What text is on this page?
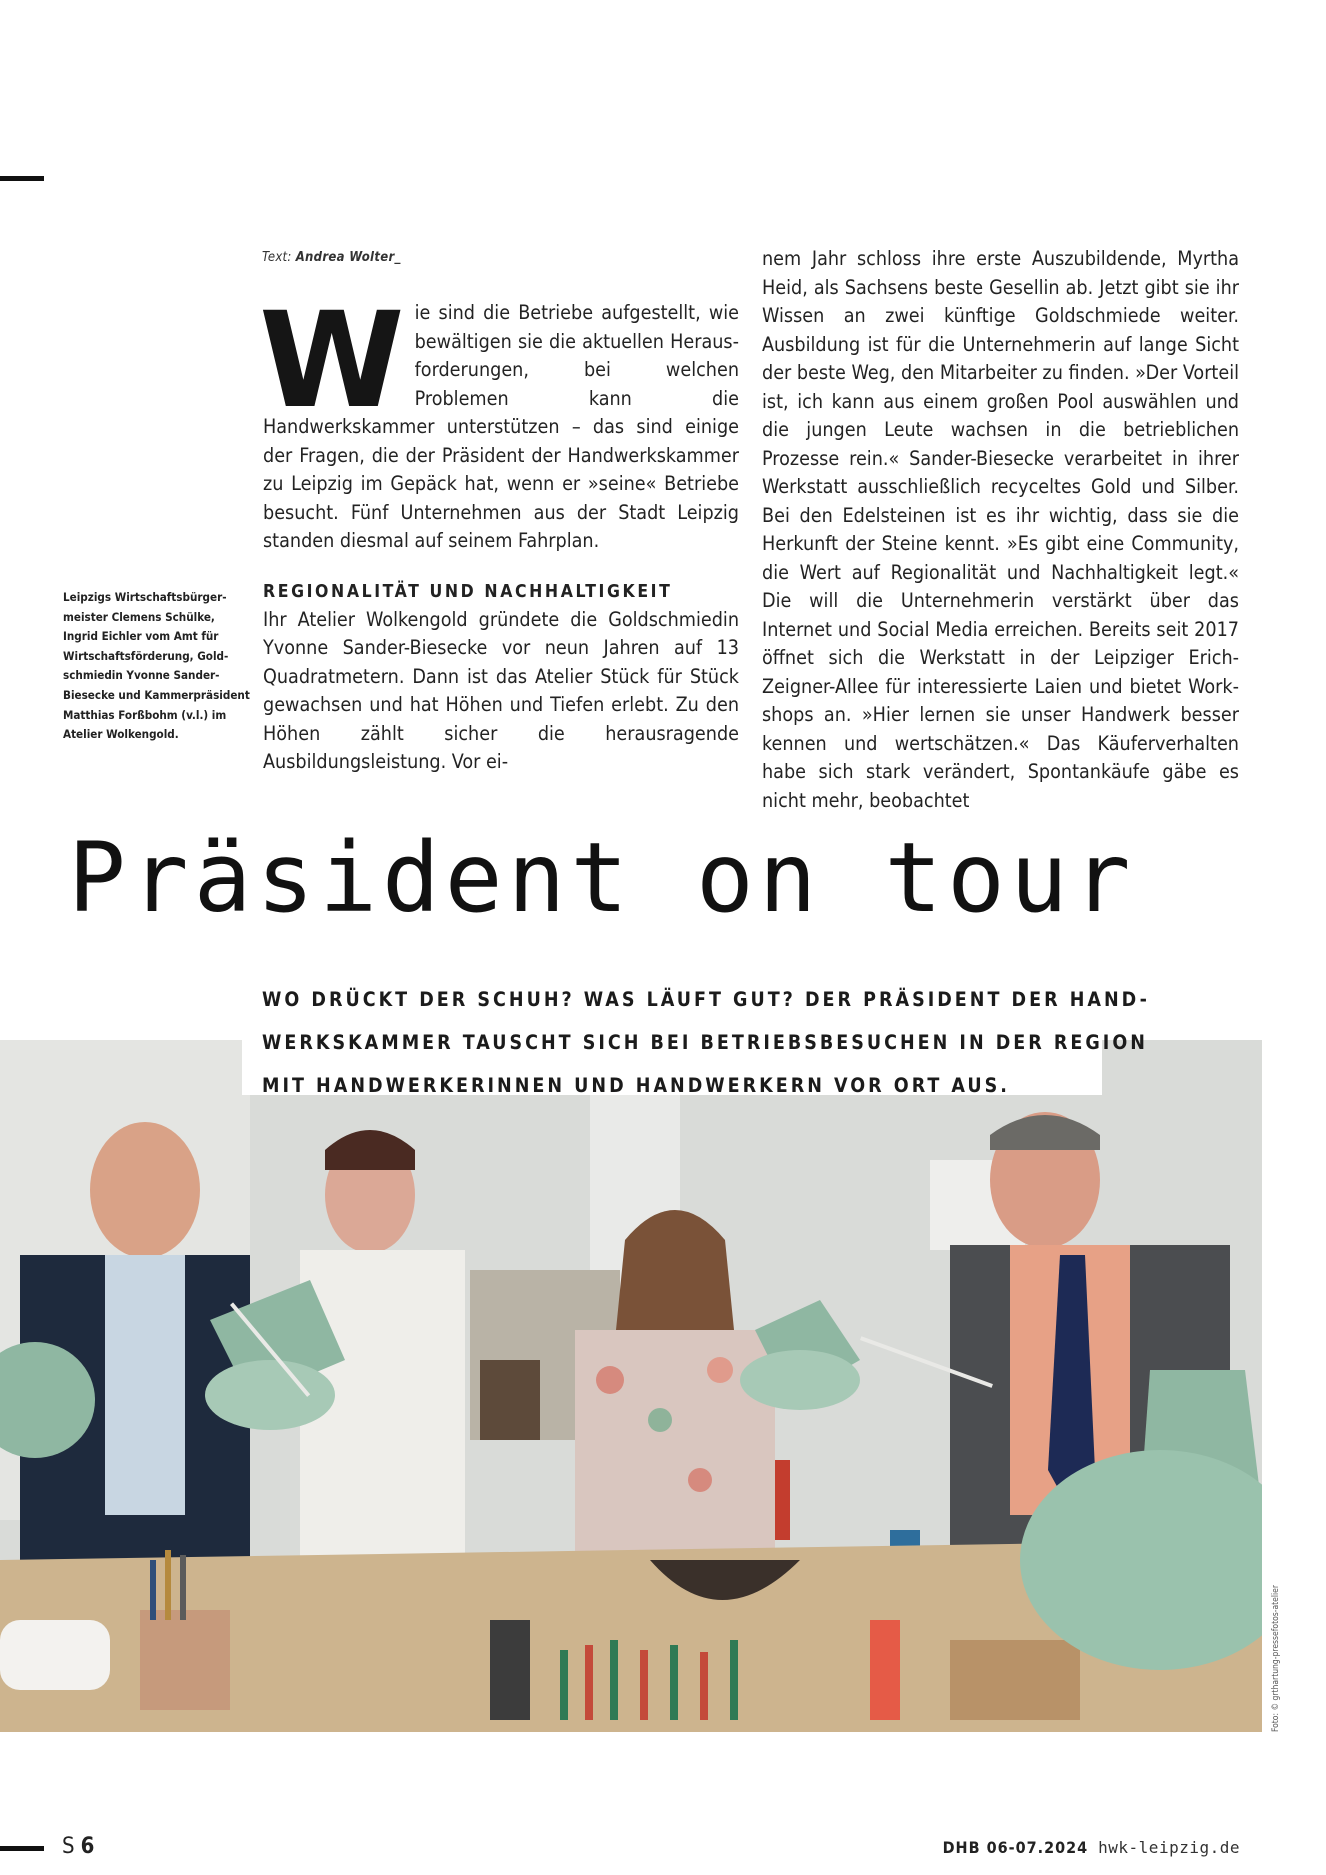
Text: Andrea Wolter_
Leipzigs Wirtschaftsbürger-
meister Clemens Schülke,
Ingrid Eichler vom Amt für
Wirtschaftsförderung, Gold-
schmiedin Yvonne Sander-
Biesecke und Kammerpräsident
Matthias Forßbohm (v.l.) im
Atelier Wolkengold.
W ie sind die Betriebe aufgestellt, wie bewältigen sie die aktuellen Herausforderungen, bei welchen Problemen kann die Handwerkskammer unterstützen – das sind einige der Fragen, die der Präsident der Handwerkskammer zu Leipzig im Gepäck hat, wenn er »seine« Betriebe besucht. Fünf Unternehmen aus der Stadt Leipzig standen diesmal auf seinem Fahrplan.

REGIONALITÄT UND NACHHALTIGKEIT

Ihr Atelier Wolkengold gründete die Goldschmiedin Yvonne Sander-Biesecke vor neun Jahren auf 13 Quadratmetern. Dann ist das Atelier Stück für Stück gewachsen und hat Höhen und Tiefen erlebt. Zu den Höhen zählt sicher die herausragende Ausbildungsleistung. Vor ei-

nem Jahr schloss ihre erste Auszubildende, Myrtha Heid, als Sachsens beste Gesellin ab. Jetzt gibt sie ihr Wissen an zwei künftige Goldschmiede weiter. Ausbildung ist für die Unternehmerin auf lange Sicht der beste Weg, den Mitarbeiter zu finden. »Der Vorteil ist, ich kann aus einem großen Pool auswählen und die jungen Leute wachsen in die betrieblichen Prozesse rein.« Sander-Biesecke verarbeitet in ihrer Werkstatt ausschließlich recyceltes Gold und Silber. Bei den Edelsteinen ist es ihr wichtig, dass sie die Herkunft der Steine kennt. »Es gibt eine Community, die Wert auf Regionalität und Nachhaltigkeit legt.« Die will die Unternehmerin verstärkt über das Internet und Social Media erreichen. Bereits seit 2017 öffnet sich die Werkstatt in der Leipziger Erich-Zeigner-Allee für interessierte Laien und bietet Workshops an. »Hier lernen sie unser Handwerk besser kennen und wertschätzen.« Das Käuferverhalten habe sich stark verändert, Spontankäufe gäbe es nicht mehr, beobachtet

Präsident on tour
WO DRÜCKT DER SCHUH? WAS LÄUFT GUT? DER PRÄSIDENT DER HAND-
WERKSKAMMER TAUSCHT SICH BEI BETRIEBSBESUCHEN IN DER REGION
MIT HANDWERKERINNEN UND HANDWERKERN VOR ORT AUS.
Foto: © grthartung-pressefotos-atelier
S 6	DHB 06-07.2024 hwk-leipzig.de
